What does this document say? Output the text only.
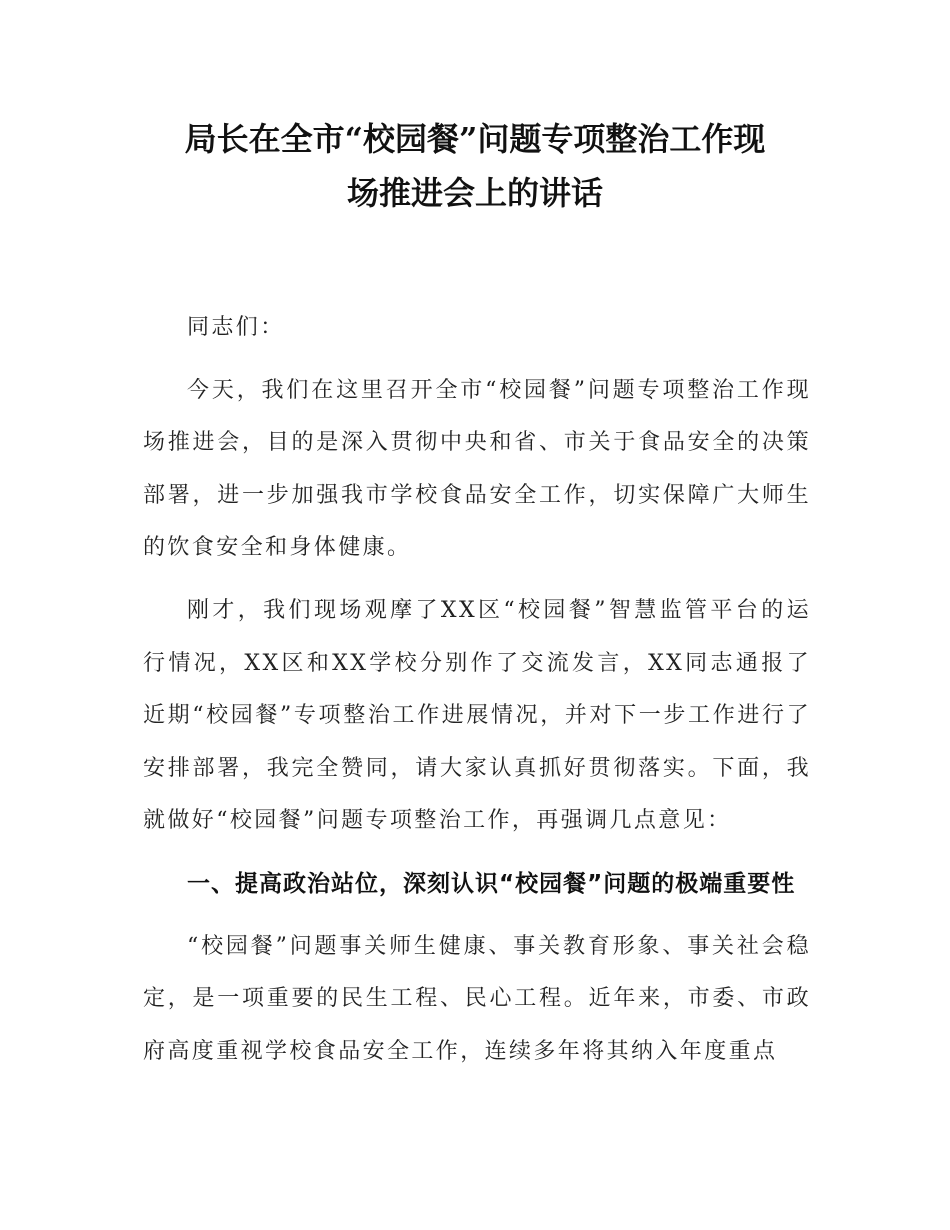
局长在全市“校园餐”问题专项整治工作现
场推进会上的讲话

同志们：

今天，我们在这里召开全市“校园餐”问题专项整治工作现场推进会，目的是深入贯彻中央和省、市关于食品安全的决策部署，进一步加强我市学校食品安全工作，切实保障广大师生的饮食安全和身体健康。

刚才，我们现场观摩了XX区“校园餐”智慧监管平台的运行情况，XX区和XX学校分别作了交流发言，XX同志通报了近期“校园餐”专项整治工作进展情况，并对下一步工作进行了安排部署，我完全赞同，请大家认真抓好贯彻落实。下面，我就做好“校园餐”问题专项整治工作，再强调几点意见：

一、提高政治站位，深刻认识“校园餐”问题的极端重要性

“校园餐”问题事关师生健康、事关教育形象、事关社会稳定，是一项重要的民生工程、民心工程。近年来，市委、市政府高度重视学校食品安全工作，连续多年将其纳入年度重点
